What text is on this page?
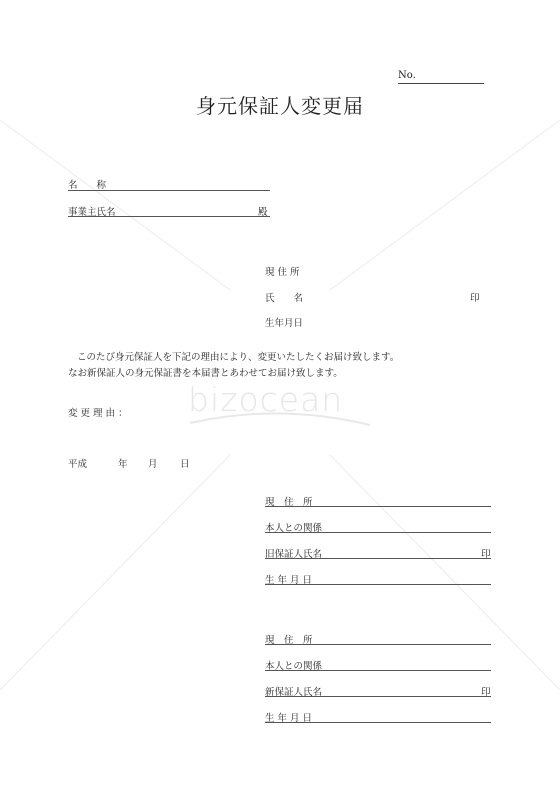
bizocean
No.
身元保証人変更届
名　　称
事業主氏名	殿
現 住 所
氏　　名	印
生年月日
このたび身元保証人を下記の理由により、変更いたしたくお届け致します。
なお新保証人の身元保証書を本届書とあわせてお届け致します。
変 更 理 由 ：
平成	年 月 日
現　住　所
本人との関係
旧保証人氏名	印
生 年 月 日
現　住　所
本人との関係
新保証人氏名	印
生 年 月 日
